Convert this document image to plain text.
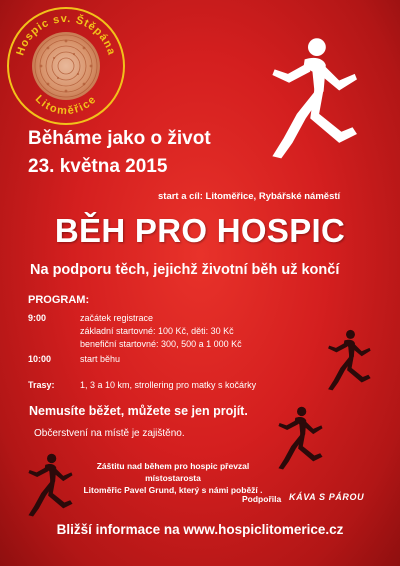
Hospic sv. Štěpána
Litoměřice
Běháme jako o život
23. května 2015
start a cíl: Litoměřice, Rybářské náměstí
BĚH PRO HOSPIC
Na podporu těch, jejichž životní běh už končí
PROGRAM:
9:00	začátek registrace
základní startovné: 100 Kč, děti: 30 Kč
benefiční startovné: 300, 500 a 1 000 Kč
10:00	start běhu
Trasy:	1, 3 a 10 km, strollering pro matky s kočárky
Nemusíte běžet, můžete se jen projít.
Občerstvení na místě je zajištěno.
Záštitu nad během pro hospic převzal místostarosta
Litoměřic Pavel Grund, který s námi poběží .
Podpořila KÁVA S PÁROU
Bližší informace na www.hospiclitomerice.cz
